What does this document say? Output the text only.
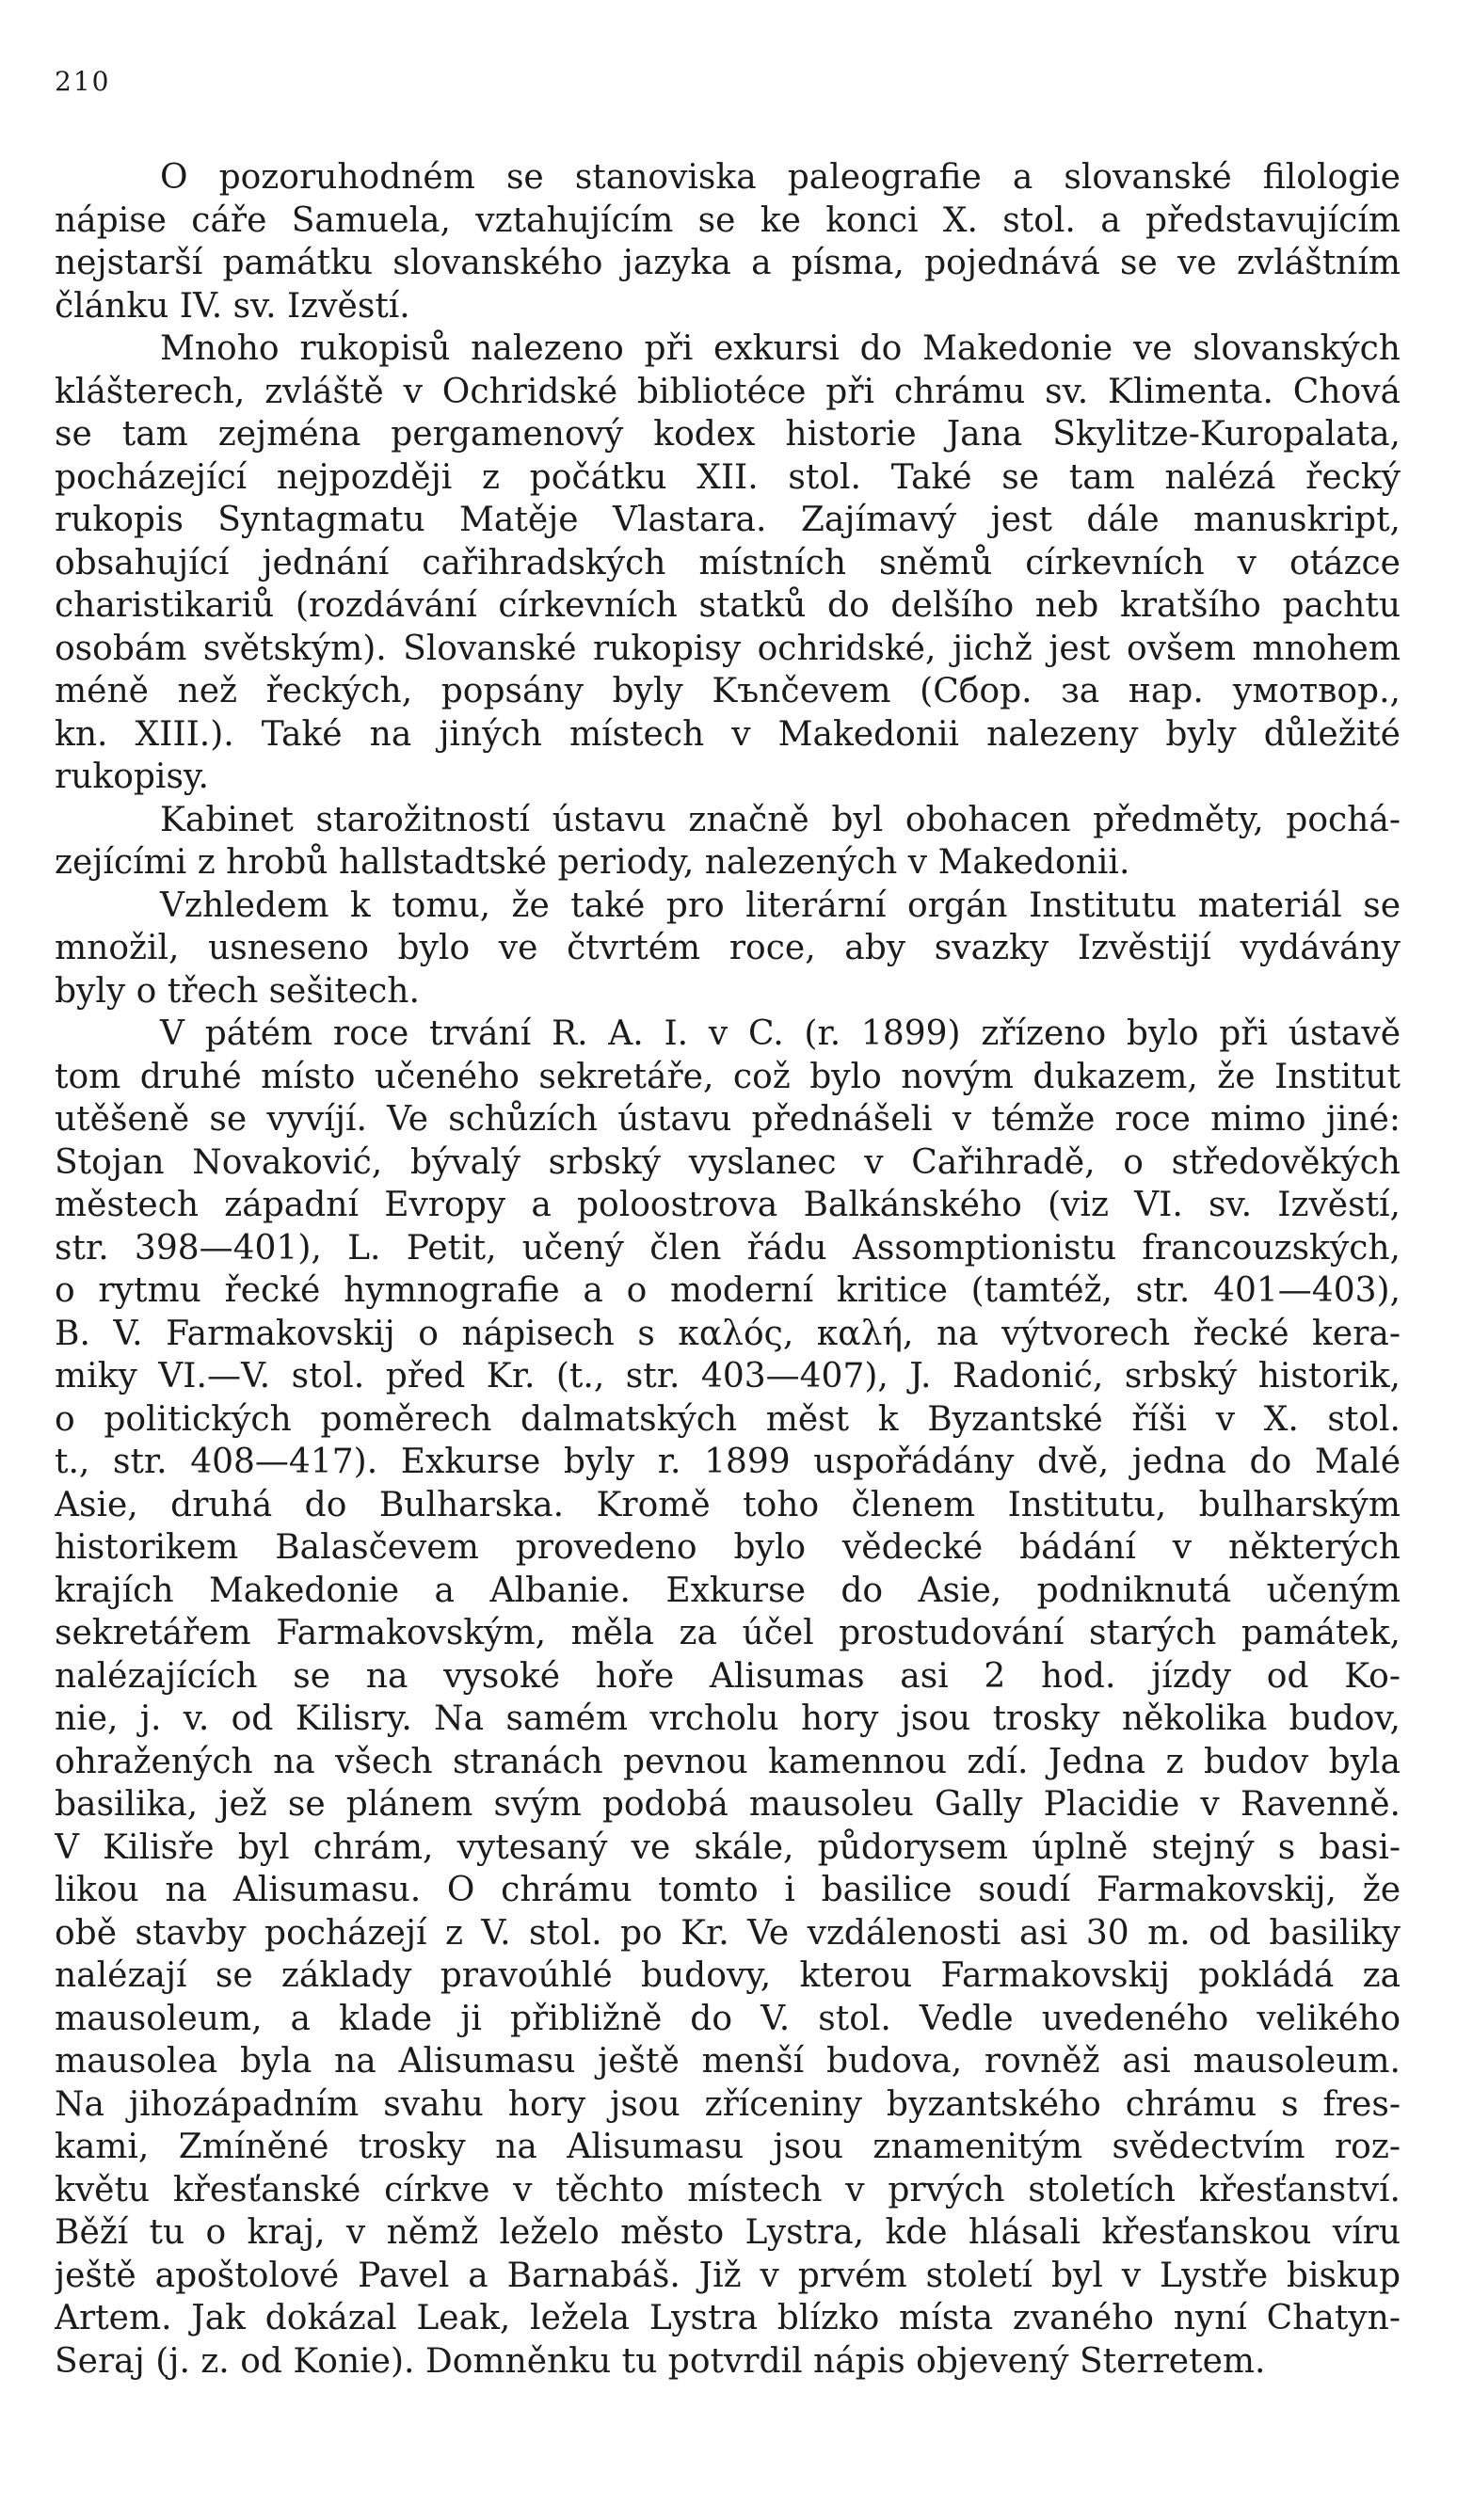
210
O pozoruhodném se stanoviska paleografie a slovanské filologie
nápise cáře Samuela, vztahujícím se ke konci X. stol. a představujícím
nejstarší památku slovanského jazyka a písma, pojednává se ve zvláštním
článku IV. sv. Izvěstí.
Mnoho rukopisů nalezeno při exkursi do Makedonie ve slovanských
klášterech, zvláště v Ochridské bibliotéce při chrámu sv. Klimenta. Chová
se tam zejména pergamenový kodex historie Jana Skylitze-Kuropalata,
pocházející nejpozději z počátku XII. stol. Také se tam nalézá řecký
rukopis Syntagmatu Matěje Vlastara. Zajímavý jest dále manuskript,
obsahující jednání cařihradských místních sněmů církevních v otázce
charistikariů (rozdávání církevních statků do delšího neb kratšího pachtu
osobám světským). Slovanské rukopisy ochridské, jichž jest ovšem mnohem
méně než řeckých, popsány byly Kъnčevem (Сбор. за нар. умотвор.,
kn. XIII.). Také na jiných místech v Makedonii nalezeny byly důležité
rukopisy.
Kabinet starožitností ústavu značně byl obohacen předměty, pochá-
zejícími z hrobů hallstadtské periody, nalezených v Makedonii.
Vzhledem k tomu, že také pro literární orgán Institutu materiál se
množil, usneseno bylo ve čtvrtém roce, aby svazky Izvěstijí vydávány
byly o třech sešitech.
V pátém roce trvání R. A. I. v C. (r. 1899) zřízeno bylo při ústavě
tom druhé místo učeného sekretáře, což bylo novým dukazem, že Institut
utěšeně se vyvíjí. Ve schůzích ústavu přednášeli v témže roce mimo jiné:
Stojan Novaković, bývalý srbský vyslanec v Cařihradě, o středověkých
městech západní Evropy a poloostrova Balkánského (viz VI. sv. Izvěstí,
str. 398—401), L. Petit, učený člen řádu Assomptionistu francouzských,
o rytmu řecké hymnografie a o moderní kritice (tamtéž, str. 401—403),
B. V. Farmakovskij o nápisech s καλός, καλή, na výtvorech řecké kera-
miky VI.—V. stol. před Kr. (t., str. 403—407), J. Radonić, srbský historik,
o politických poměrech dalmatských měst k Byzantské říši v X. stol.
t., str. 408—417). Exkurse byly r. 1899 uspořádány dvě, jedna do Malé
Asie, druhá do Bulharska. Kromě toho členem Institutu, bulharským
historikem Balasčevem provedeno bylo vědecké bádání v některých
krajích Makedonie a Albanie. Exkurse do Asie, podniknutá učeným
sekretářem Farmakovským, měla za účel prostudování starých památek,
nalézajících se na vysoké hoře Alisumas asi 2 hod. jízdy od Ko-
nie, j. v. od Kilisry. Na samém vrcholu hory jsou trosky několika budov,
ohražených na všech stranách pevnou kamennou zdí. Jedna z budov byla
basilika, jež se plánem svým podobá mausoleu Gally Placidie v Ravenně.
V Kilisře byl chrám, vytesaný ve skále, půdorysem úplně stejný s basi-
likou na Alisumasu. O chrámu tomto i basilice soudí Farmakovskij, že
obě stavby pocházejí z V. stol. po Kr. Ve vzdálenosti asi 30 m. od basiliky
nalézají se základy pravoúhlé budovy, kterou Farmakovskij pokládá za
mausoleum, a klade ji přibližně do V. stol. Vedle uvedeného velikého
mausolea byla na Alisumasu ještě menší budova, rovněž asi mausoleum.
Na jihozápadním svahu hory jsou zříceniny byzantského chrámu s fres-
kami, Zmíněné trosky na Alisumasu jsou znamenitým svědectvím roz-
květu křesťanské církve v těchto místech v prvých stoletích křesťanství.
Běží tu o kraj, v němž leželo město Lystra, kde hlásali křesťanskou víru
ještě apoštolové Pavel a Barnabáš. Již v prvém století byl v Lystře biskup
Artem. Jak dokázal Leak, ležela Lystra blízko místa zvaného nyní Chatyn-
Seraj (j. z. od Konie). Domněnku tu potvrdil nápis objevený Sterretem.
